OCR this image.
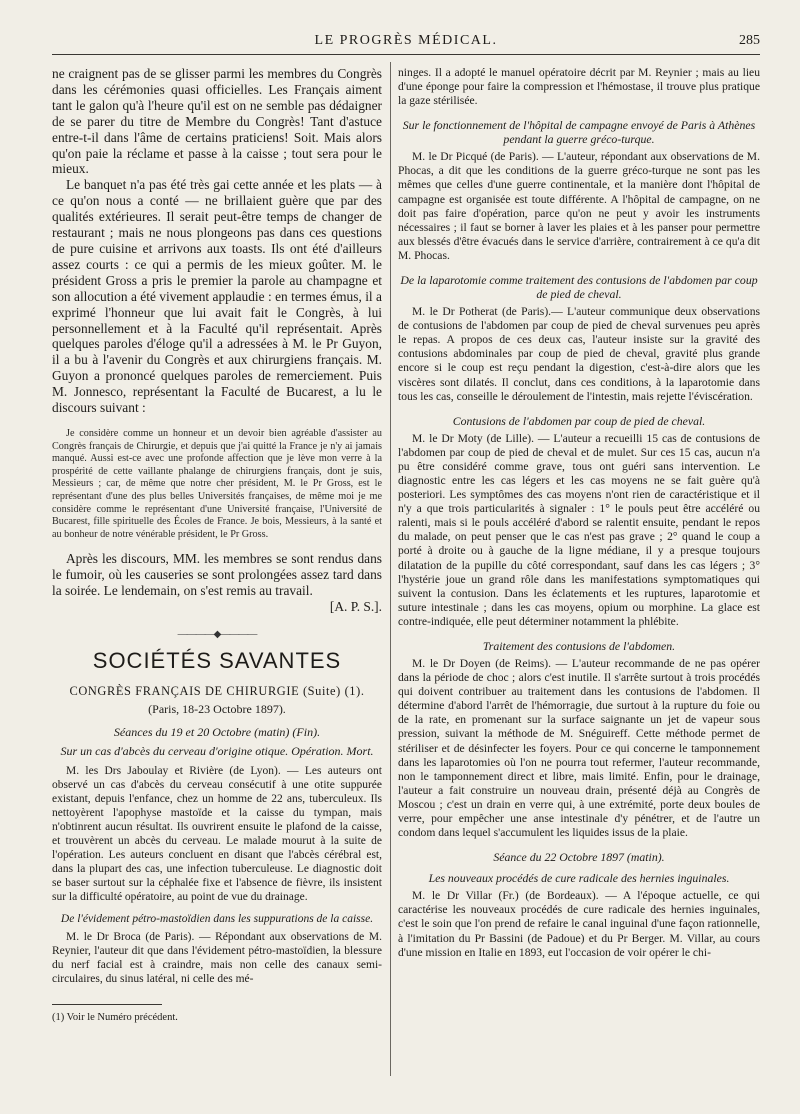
LE PROGRÈS MÉDICAL.	285

ne craignent pas de se glisser parmi les membres du Congrès dans les cérémonies quasi officielles. Les Français aiment tant le galon qu'à l'heure qu'il est on ne semble pas dédaigner de se parer du titre de Membre du Congrès! Tant d'astuce entre-t-il dans l'âme de certains praticiens! Soit. Mais alors qu'on paie la réclame et passe à la caisse ; tout sera pour le mieux.

Le banquet n'a pas été très gai cette année et les plats — à ce qu'on nous a conté — ne brillaient guère que par des qualités extérieures. Il serait peut-être temps de changer de restaurant ; mais ne nous plongeons pas dans ces questions de pure cuisine et arrivons aux toasts. Ils ont été d'ailleurs assez courts : ce qui a permis de les mieux goûter. M. le président Gross a pris le premier la parole au champagne et son allocution a été vivement applaudie : en termes émus, il a exprimé l'honneur que lui avait fait le Congrès, à lui personnellement et à la Faculté qu'il représentait. Après quelques paroles d'éloge qu'il a adressées à M. le Pr Guyon, il a bu à l'avenir du Congrès et aux chirurgiens français. M. Guyon a prononcé quelques paroles de remerciement. Puis M. Jonnesco, représentant la Faculté de Bucarest, a lu le discours suivant :

Je considère comme un honneur et un devoir bien agréable d'assister au Congrès français de Chirurgie, et depuis que j'ai quitté la France je n'y ai jamais manqué. Aussi est-ce avec une profonde affection que je lève mon verre à la prospérité de cette vaillante phalange de chirurgiens français, dont je suis, Messieurs ; car, de même que notre cher président, M. le Pr Gross, est le représentant d'une des plus belles Universités françaises, de même moi je me considère comme le représentant d'une Université française, l'Université de Bucarest, fille spirituelle des Écoles de France. Je bois, Messieurs, à la santé et au bonheur de notre vénérable président, le Pr Gross.

Après les discours, MM. les membres se sont rendus dans le fumoir, où les causeries se sont prolongées assez tard dans la soirée. Le lendemain, on s'est remis au travail.

[A. P. S.].

————◆————
SOCIÉTÉS SAVANTES
CONGRÈS FRANÇAIS DE CHIRURGIE (Suite) (1).
(Paris, 18-23 Octobre 1897).
Séances du 19 et 20 Octobre (matin) (Fin).
Sur un cas d'abcès du cerveau d'origine otique. Opération. Mort.

M. les Drs Jaboulay et Rivière (de Lyon). — Les auteurs ont observé un cas d'abcès du cerveau consécutif à une otite suppurée existant, depuis l'enfance, chez un homme de 22 ans, tuberculeux. Ils nettoyèrent l'apophyse mastoïde et la caisse du tympan, mais n'obtinrent aucun résultat. Ils ouvrirent ensuite le plafond de la caisse, et trouvèrent un abcès du cerveau. Le malade mourut à la suite de l'opération. Les auteurs concluent en disant que l'abcès cérébral est, dans la plupart des cas, une infection tuberculeuse. Le diagnostic doit se baser surtout sur la céphalée fixe et l'absence de fièvre, ils insistent sur la difficulté opératoire, au point de vue du drainage.

De l'évidement pétro-mastoïdien dans les suppurations de la caisse.

M. le Dr Broca (de Paris). — Répondant aux observations de M. Reynier, l'auteur dit que dans l'évidement pétro-mastoïdien, la blessure du nerf facial est à craindre, mais non celle des canaux semi-circulaires, du sinus latéral, ni celle des mé-

(1) Voir le Numéro précédent.

ninges. Il a adopté le manuel opératoire décrit par M. Reynier ; mais au lieu d'une éponge pour faire la compression et l'hémostase, il trouve plus pratique la gaze stérilisée.

Sur le fonctionnement de l'hôpital de campagne envoyé de Paris à Athènes pendant la guerre gréco-turque.

M. le Dr Picqué (de Paris). — L'auteur, répondant aux observations de M. Phocas, a dit que les conditions de la guerre gréco-turque ne sont pas les mêmes que celles d'une guerre continentale, et la manière dont l'hôpital de campagne est organisée est toute différente. A l'hôpital de campagne, on ne doit pas faire d'opération, parce qu'on ne peut y avoir les instruments nécessaires ; il faut se borner à laver les plaies et à les panser pour permettre aux blessés d'être évacués dans le service d'arrière, contrairement à ce qu'a dit M. Phocas.

De la laparotomie comme traitement des contusions de l'abdomen par coup de pied de cheval.

M. le Dr Potherat (de Paris).— L'auteur communique deux observations de contusions de l'abdomen par coup de pied de cheval survenues peu après le repas. A propos de ces deux cas, l'auteur insiste sur la gravité des contusions abdominales par coup de pied de cheval, gravité plus grande encore si le coup est reçu pendant la digestion, c'est-à-dire alors que les viscères sont dilatés. Il conclut, dans ces conditions, à la laparotomie dans tous les cas, conseille le déroulement de l'intestin, mais rejette l'éviscération.

Contusions de l'abdomen par coup de pied de cheval.

M. le Dr Moty (de Lille). — L'auteur a recueilli 15 cas de contusions de l'abdomen par coup de pied de cheval et de mulet. Sur ces 15 cas, aucun n'a pu être considéré comme grave, tous ont guéri sans intervention. Le diagnostic entre les cas légers et les cas moyens ne se fait guère qu'à posteriori. Les symptômes des cas moyens n'ont rien de caractéristique et il n'y a que trois particularités à signaler : 1° le pouls peut être accéléré ou ralenti, mais si le pouls accéléré d'abord se ralentit ensuite, pendant le repos du malade, on peut penser que le cas n'est pas grave ; 2° quand le coup a porté à droite ou à gauche de la ligne médiane, il y a presque toujours dilatation de la pupille du côté correspondant, sauf dans les cas légers ; 3° l'hystérie joue un grand rôle dans les manifestations symptomatiques qui suivent la contusion. Dans les éclatements et les ruptures, laparotomie et suture intestinale ; dans les cas moyens, opium ou morphine. La glace est contre-indiquée, elle peut déterminer notamment la phlébite.

Traitement des contusions de l'abdomen.

M. le Dr Doyen (de Reims). — L'auteur recommande de ne pas opérer dans la période de choc ; alors c'est inutile. Il s'arrête surtout à trois procédés qui doivent contribuer au traitement dans les contusions de l'abdomen. Il détermine d'abord l'arrêt de l'hémorragie, due surtout à la rupture du foie ou de la rate, en promenant sur la surface saignante un jet de vapeur sous pression, suivant la méthode de M. Snéguireff. Cette méthode permet de stériliser et de désinfecter les foyers. Pour ce qui concerne le tamponnement dans les laparotomies où l'on ne pourra tout refermer, l'auteur recommande, non le tamponnement direct et libre, mais limité. Enfin, pour le drainage, l'auteur a fait construire un nouveau drain, présenté déjà au Congrès de Moscou ; c'est un drain en verre qui, à une extrémité, porte deux boules de verre, pour empêcher une anse intestinale d'y pénétrer, et de l'autre un condom dans lequel s'accumulent les liquides issus de la plaie.

Séance du 22 Octobre 1897 (matin).
Les nouveaux procédés de cure radicale des hernies inguinales.

M. le Dr Villar (Fr.) (de Bordeaux). — A l'époque actuelle, ce qui caractérise les nouveaux procédés de cure radicale des hernies inguinales, c'est le soin que l'on prend de refaire le canal inguinal d'une façon rationnelle, à l'imitation du Pr Bassini (de Padoue) et du Pr Berger. M. Villar, au cours d'une mission en Italie en 1893, eut l'occasion de voir opérer le chi-
